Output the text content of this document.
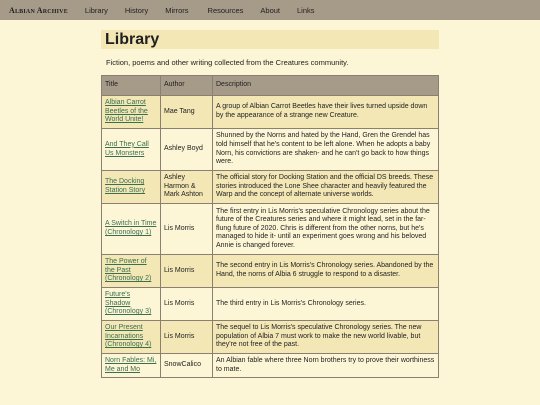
Albian Archive Library History Mirrors	Resources About Links
Library

Fiction, poems and other writing collected from the Creatures community.

Title	Author	Description
Albian Carrot Beetles of the World Unite!	Mae Tang	A group of Albian Carrot Beetles have their lives turned upside down by the appearance of a strange new Creature.
And They Call Us Monsters	Ashley Boyd	Shunned by the Norns and hated by the Hand, Gren the Grendel has told himself that he's content to be left alone. When he adopts a baby Norn, his convictions are shaken- and he can't go back to how things were.
The Docking Station Story	Ashley Harmon & Mark Ashton	The official story for Docking Station and the official DS breeds. These stories introduced the Lone Shee character and heavily featured the Warp and the concept of alternate universe worlds.
A Switch in Time (Chronology 1)	Lis Morris	The first entry in Lis Morris's speculative Chronology series about the future of the Creatures series and where it might lead, set in the far-flung future of 2020. Chris is different from the other norns, but he's managed to hide it- until an experiment goes wrong and his beloved Annie is changed forever.
The Power of the Past (Chronology 2)	Lis Morris	The second entry in Lis Morris's Chronology series. Abandoned by the Hand, the norns of Albia 6 struggle to respond to a disaster.
Future's Shadow (Chronology 3)	Lis Morris	The third entry in Lis Morris's Chronology series.
Our Present Incarnations (Chronology 4)	Lis Morris	The sequel to Lis Morris's speculative Chronology series. The new population of Albia 7 must work to make the new world livable, but they're not free of the past.
Norn Fables: Mi, Me and Mo	SnowCalico	An Albian fable where three Norn brothers try to prove their worthiness to mate.
